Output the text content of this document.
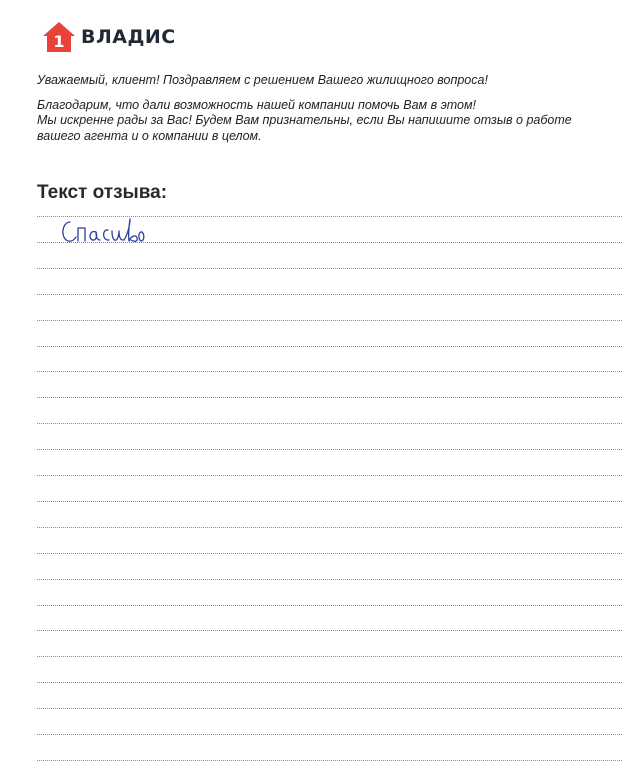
1 ВЛАДИС

Уважаемый, клиент! Поздравляем с решением Вашего жилищного вопроса!

Благодарим, что дали возможность нашей компании помочь Вам в этом!

Мы искренне рады за Вас! Будем Вам признательны, если Вы напишите отзыв о работе

вашего агента и о компании в целом.

Текст отзыва:
